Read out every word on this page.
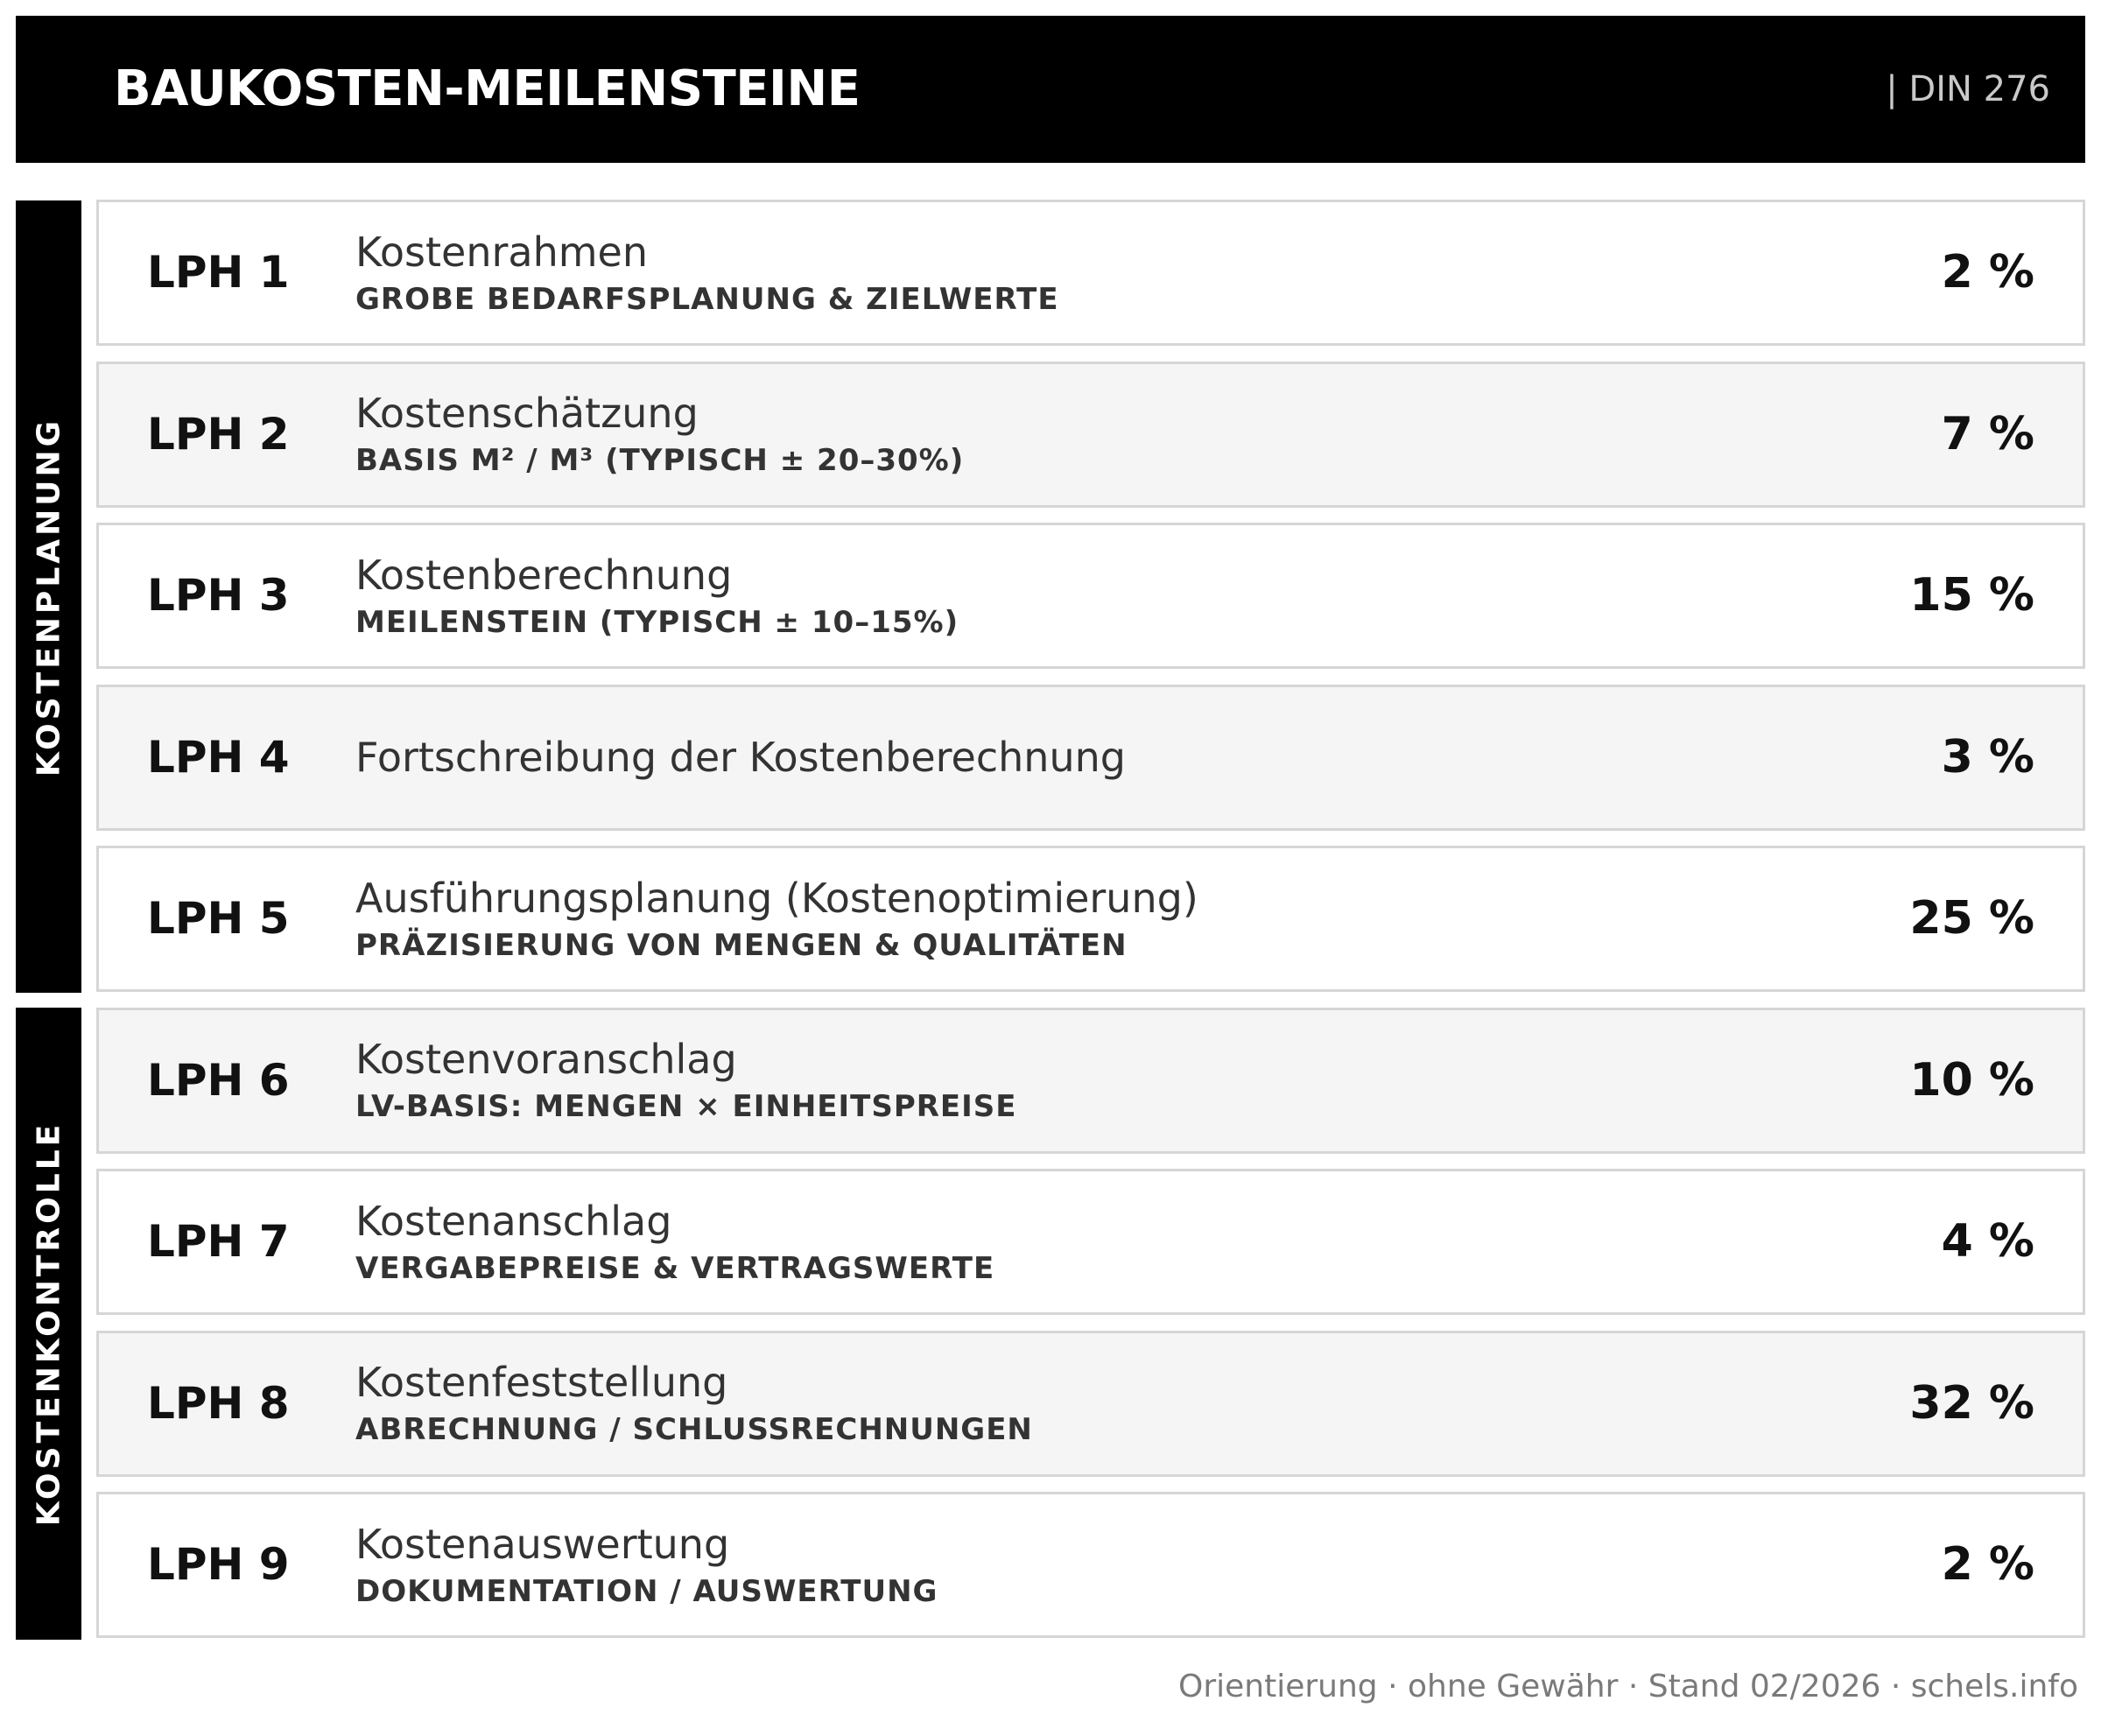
BAUKOSTEN-MEILENSTEINE	| DIN 276
KOSTENPLANUNG
KOSTENKONTROLLE
LPH 1 Kostenrahmen
GROBE BEDARFSPLANUNG & ZIELWERTE
2 %
LPH 2 Kostenschätzung
BASIS M² / M³ (TYPISCH ± 20–30%)
7 %
LPH 3 Kostenberechnung
MEILENSTEIN (TYPISCH ± 10–15%)
15 %
LPH 4 Fortschreibung der Kostenberechnung	3 %
LPH 5 Ausführungsplanung (Kostenoptimierung)
PRÄZISIERUNG VON MENGEN & QUALITÄTEN
25 %
LPH 6 Kostenvoranschlag
LV-BASIS: MENGEN × EINHEITSPREISE
10 %
LPH 7 Kostenanschlag
VERGABEPREISE & VERTRAGSWERTE
4 %
LPH 8 Kostenfeststellung
ABRECHNUNG / SCHLUSSRECHNUNGEN
32 %
LPH 9 Kostenauswertung
DOKUMENTATION / AUSWERTUNG
2 %
Orientierung · ohne Gewähr · Stand 02/2026 · schels.info
